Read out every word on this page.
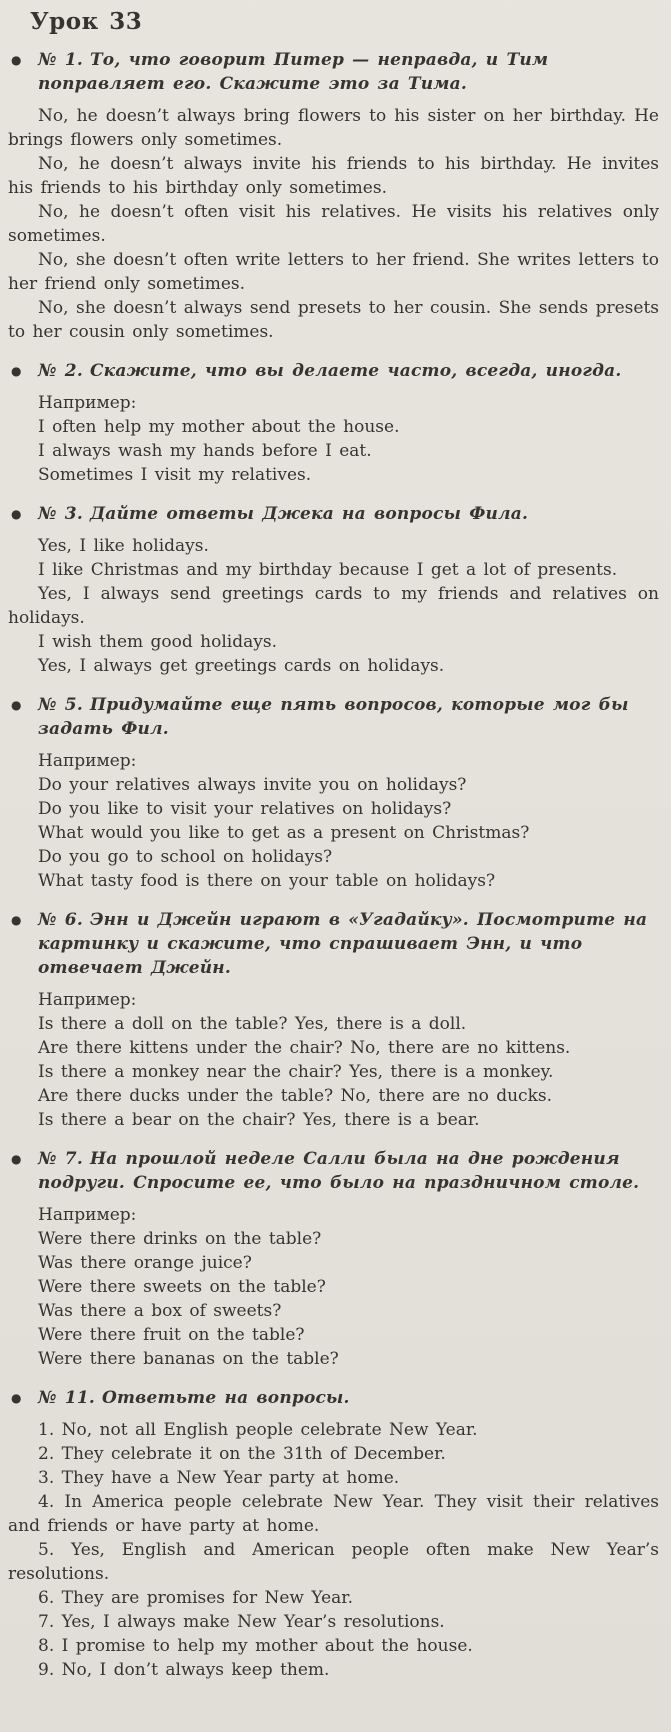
Урок 33
● № 1. То, что говорит Питер — неправда, и Тим поправляет его. Скажите это за Тима.
No, he doesn’t always bring flowers to his sister on her birthday. He brings flowers only sometimes.
No, he doesn’t always invite his friends to his birthday. He invites his friends to his birthday only sometimes.
No, he doesn’t often visit his relatives. He visits his relatives only sometimes.
No, she doesn’t often write letters to her friend. She writes letters to her friend only sometimes.
No, she doesn’t always send presets to her cousin. She sends presets to her cousin only sometimes.
● № 2. Скажите, что вы делаете часто, всегда, иногда.
Например:
I often help my mother about the house.
I always wash my hands before I eat.
Sometimes I visit my relatives.
● № 3. Дайте ответы Джека на вопросы Фила.
Yes, I like holidays.
I like Christmas and my birthday because I get a lot of presents.
Yes, I always send greetings cards to my friends and relatives on holidays.
I wish them good holidays.
Yes, I always get greetings cards on holidays.
● № 5. Придумайте еще пять вопросов, которые мог бы задать Фил.
Например:
Do your relatives always invite you on holidays?
Do you like to visit your relatives on holidays?
What would you like to get as a present on Christmas?
Do you go to school on holidays?
What tasty food is there on your table on holidays?
● № 6. Энн и Джейн играют в «Угадайку». Посмотрите на картинку и скажите, что спрашивает Энн, и что отвечает Джейн.
Например:
Is there a doll on the table? Yes, there is a doll.
Are there kittens under the chair? No, there are no kittens.
Is there a monkey near the chair? Yes, there is a monkey.
Are there ducks under the table? No, there are no ducks.
Is there a bear on the chair? Yes, there is a bear.
● № 7. На прошлой неделе Салли была на дне рождения подруги. Спросите ее, что было на праздничном столе.
Например:
Were there drinks on the table?
Was there orange juice?
Were there sweets on the table?
Was there a box of sweets?
Were there fruit on the table?
Were there bananas on the table?
● № 11. Ответьте на вопросы.
1. No, not all English people celebrate New Year.
2. They celebrate it on the 31th of December.
3. They have a New Year party at home.
4. In America people celebrate New Year. They visit their relatives and friends or have party at home.
5. Yes, English and American people often make New Year’s resolutions.
6. They are promises for New Year.
7. Yes, I always make New Year’s resolutions.
8. I promise to help my mother about the house.
9. No, I don’t always keep them.
